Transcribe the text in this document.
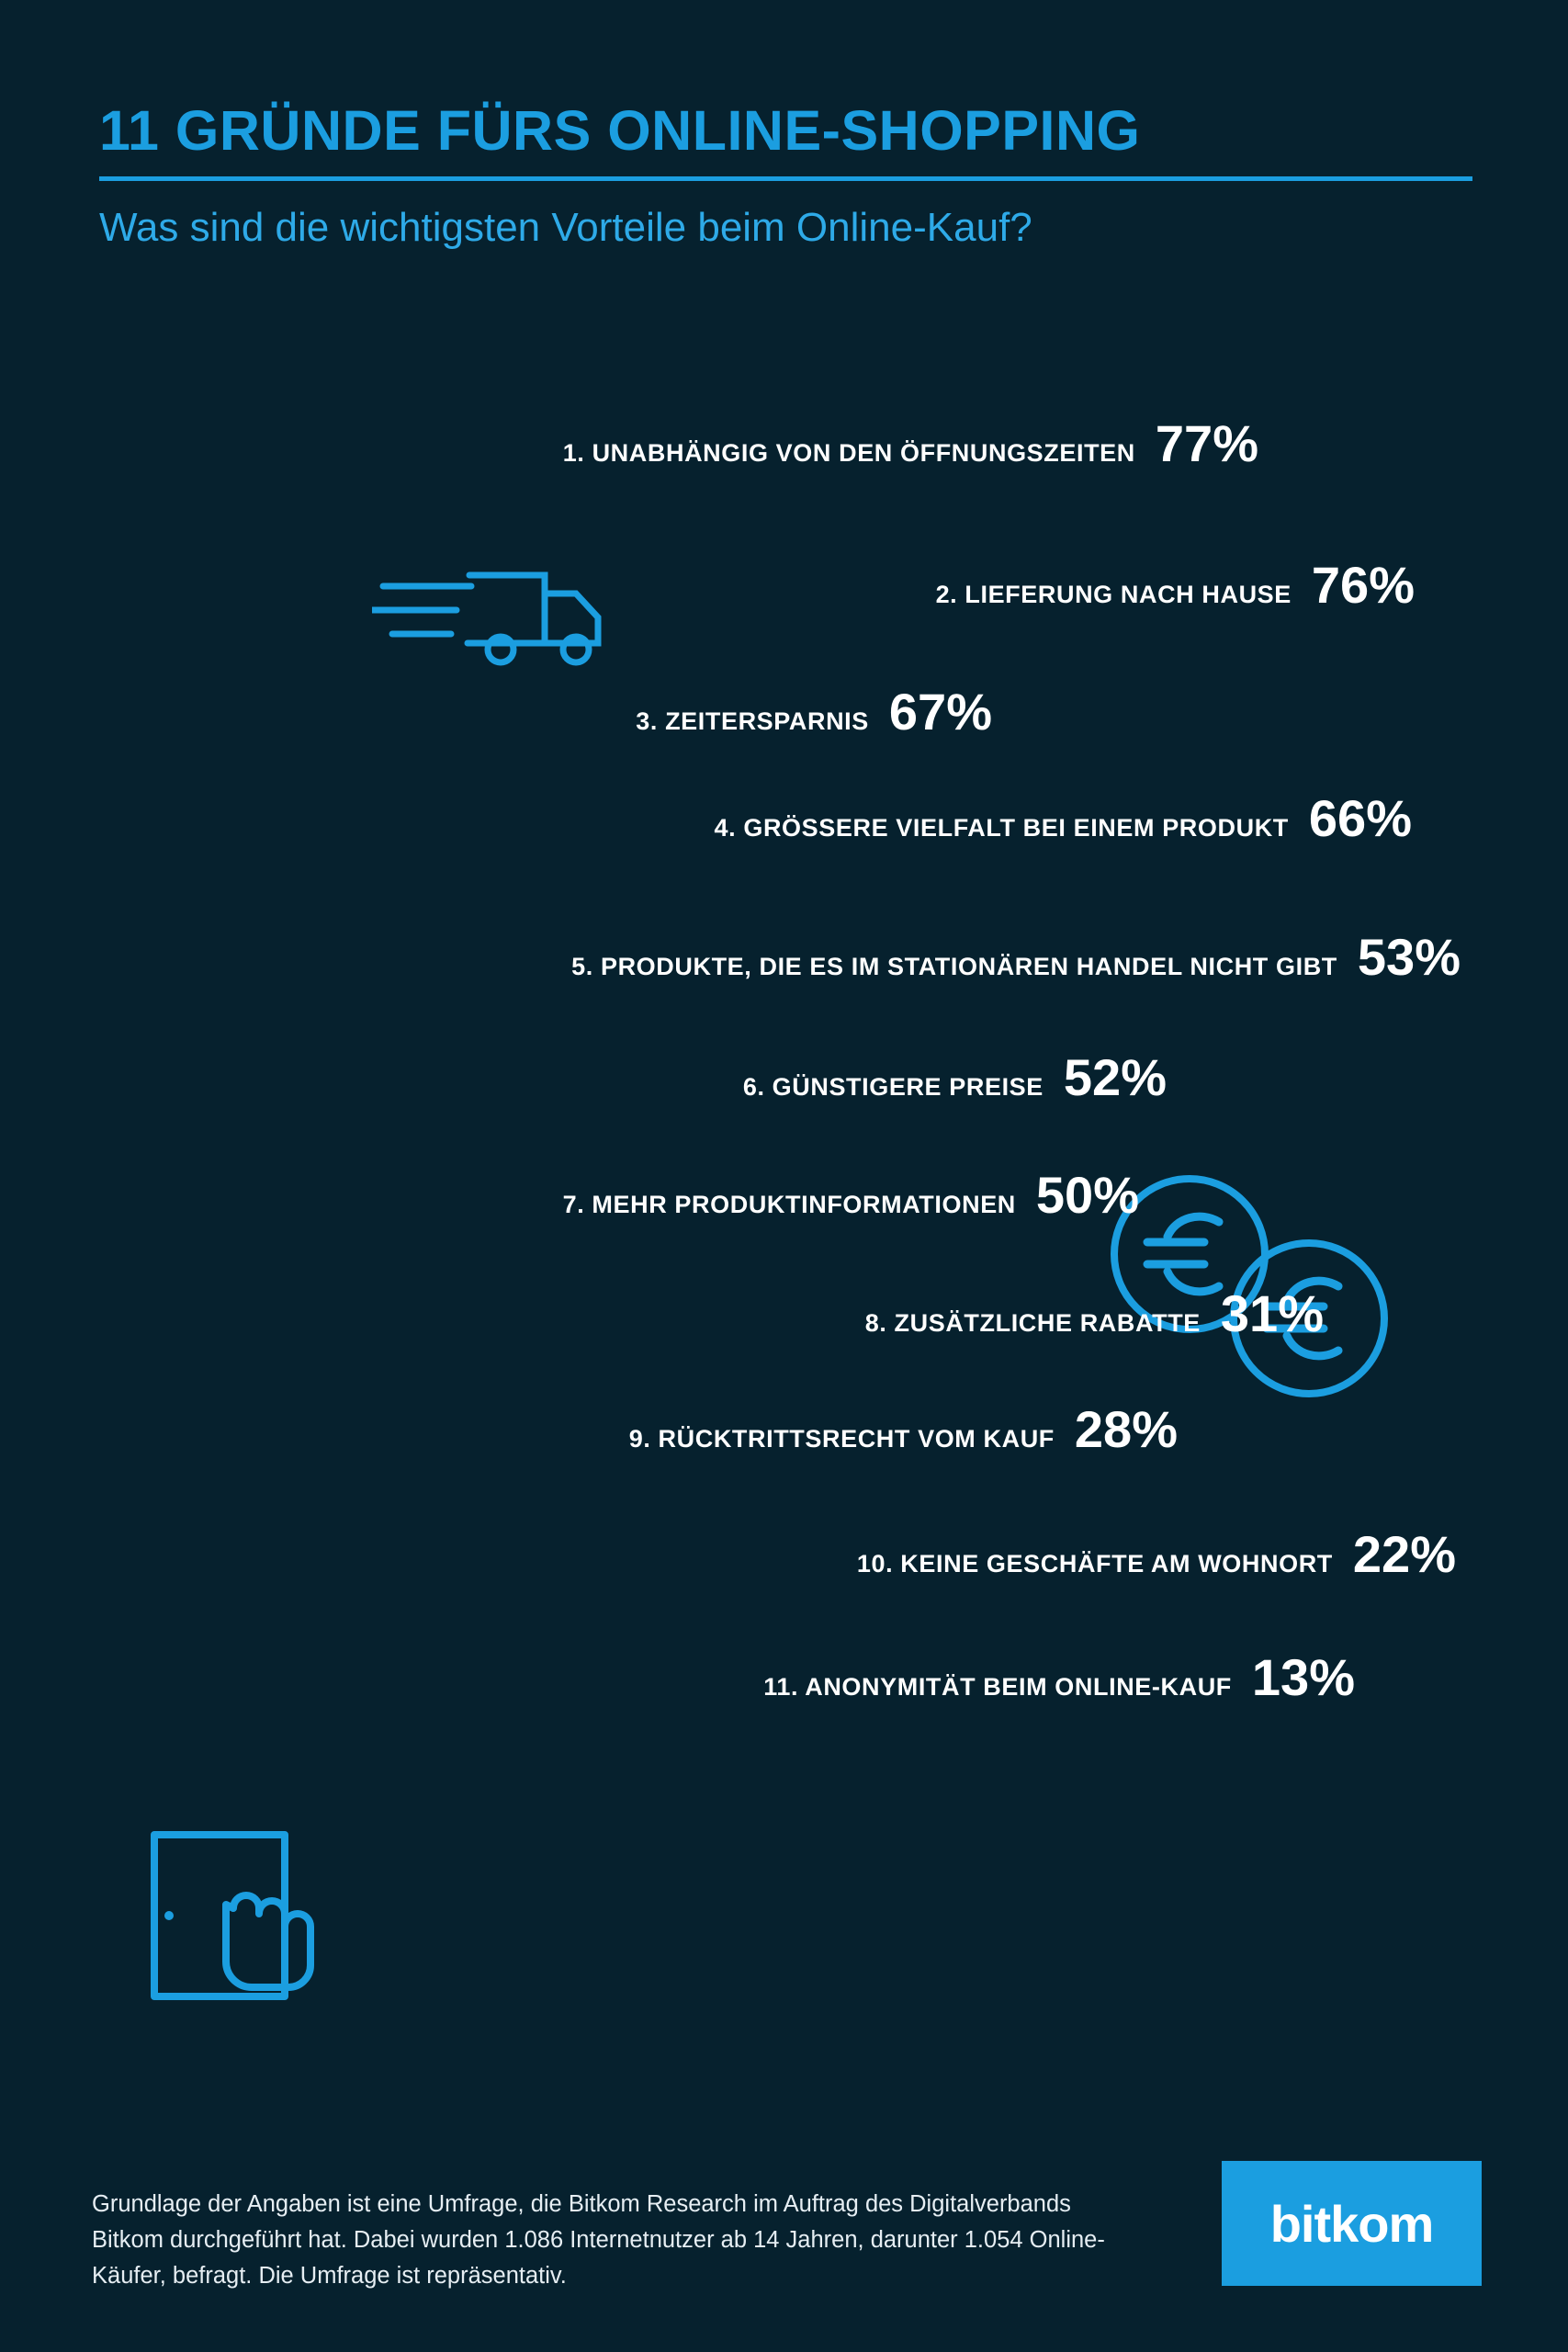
11 GRÜNDE FÜRS ONLINE-SHOPPING
Was sind die wichtigsten Vorteile beim Online-Kauf?
1. UNABHÄNGIG VON DEN ÖFFNUNGSZEITEN 77%
2. LIEFERUNG NACH HAUSE 76%
3. ZEITERSPARNIS 67%
4. GRÖSSERE VIELFALT BEI EINEM PRODUKT 66%
5. PRODUKTE, DIE ES IM STATIONÄREN HANDEL NICHT GIBT 53%
6. GÜNSTIGERE PREISE 52%
7. MEHR PRODUKTINFORMATIONEN 50%
8. ZUSÄTZLICHE RABATTE 31%
9. RÜCKTRITTSRECHT VOM KAUF 28%
10. KEINE GESCHÄFTE AM WOHNORT 22%
11. ANONYMITÄT BEIM ONLINE-KAUF 13%
Grundlage der Angaben ist eine Umfrage, die Bitkom Research im Auftrag des Digitalverbands Bitkom durchgeführt hat. Dabei wurden 1.086 Internetnutzer ab 14 Jahren, darunter 1.054 Online-Käufer, befragt. Die Umfrage ist repräsentativ.
bitkom
